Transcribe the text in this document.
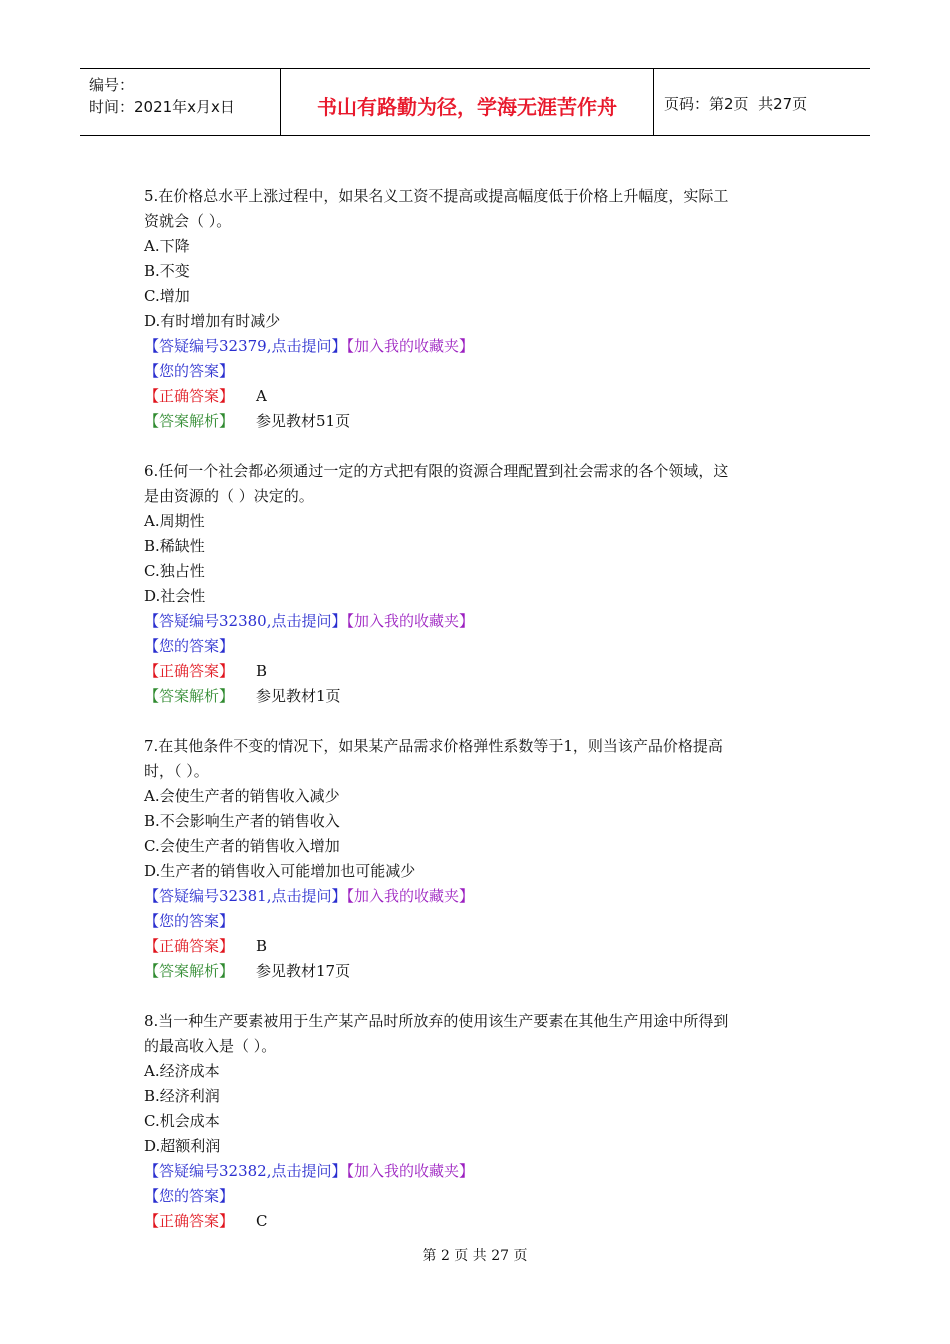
编号：
时间：2021年x月x日	书山有路勤为径，学海无涯苦作舟	页码：第2页  共27页
5.在价格总水平上涨过程中，如果名义工资不提高或提高幅度低于价格上升幅度，实际工
资就会（ ）。
A.下降
B.不变
C.增加
D.有时增加有时减少
【答疑编号32379,点击提问】【加入我的收藏夹】
【您的答案】
【正确答案】 A
【答案解析】 参见教材51页
6.任何一个社会都必须通过一定的方式把有限的资源合理配置到社会需求的各个领域，这
是由资源的（ ）决定的。
A.周期性
B.稀缺性
C.独占性
D.社会性
【答疑编号32380,点击提问】【加入我的收藏夹】
【您的答案】
【正确答案】 B
【答案解析】 参见教材1页
7.在其他条件不变的情况下，如果某产品需求价格弹性系数等于1，则当该产品价格提高
时，（ ）。
A.会使生产者的销售收入减少
B.不会影响生产者的销售收入
C.会使生产者的销售收入增加
D.生产者的销售收入可能增加也可能减少
【答疑编号32381,点击提问】【加入我的收藏夹】
【您的答案】
【正确答案】 B
【答案解析】 参见教材17页
8.当一种生产要素被用于生产某产品时所放弃的使用该生产要素在其他生产用途中所得到
的最高收入是（ ）。
A.经济成本
B.经济利润
C.机会成本
D.超额利润
【答疑编号32382,点击提问】【加入我的收藏夹】
【您的答案】
【正确答案】 C
第 2 页 共 27 页
